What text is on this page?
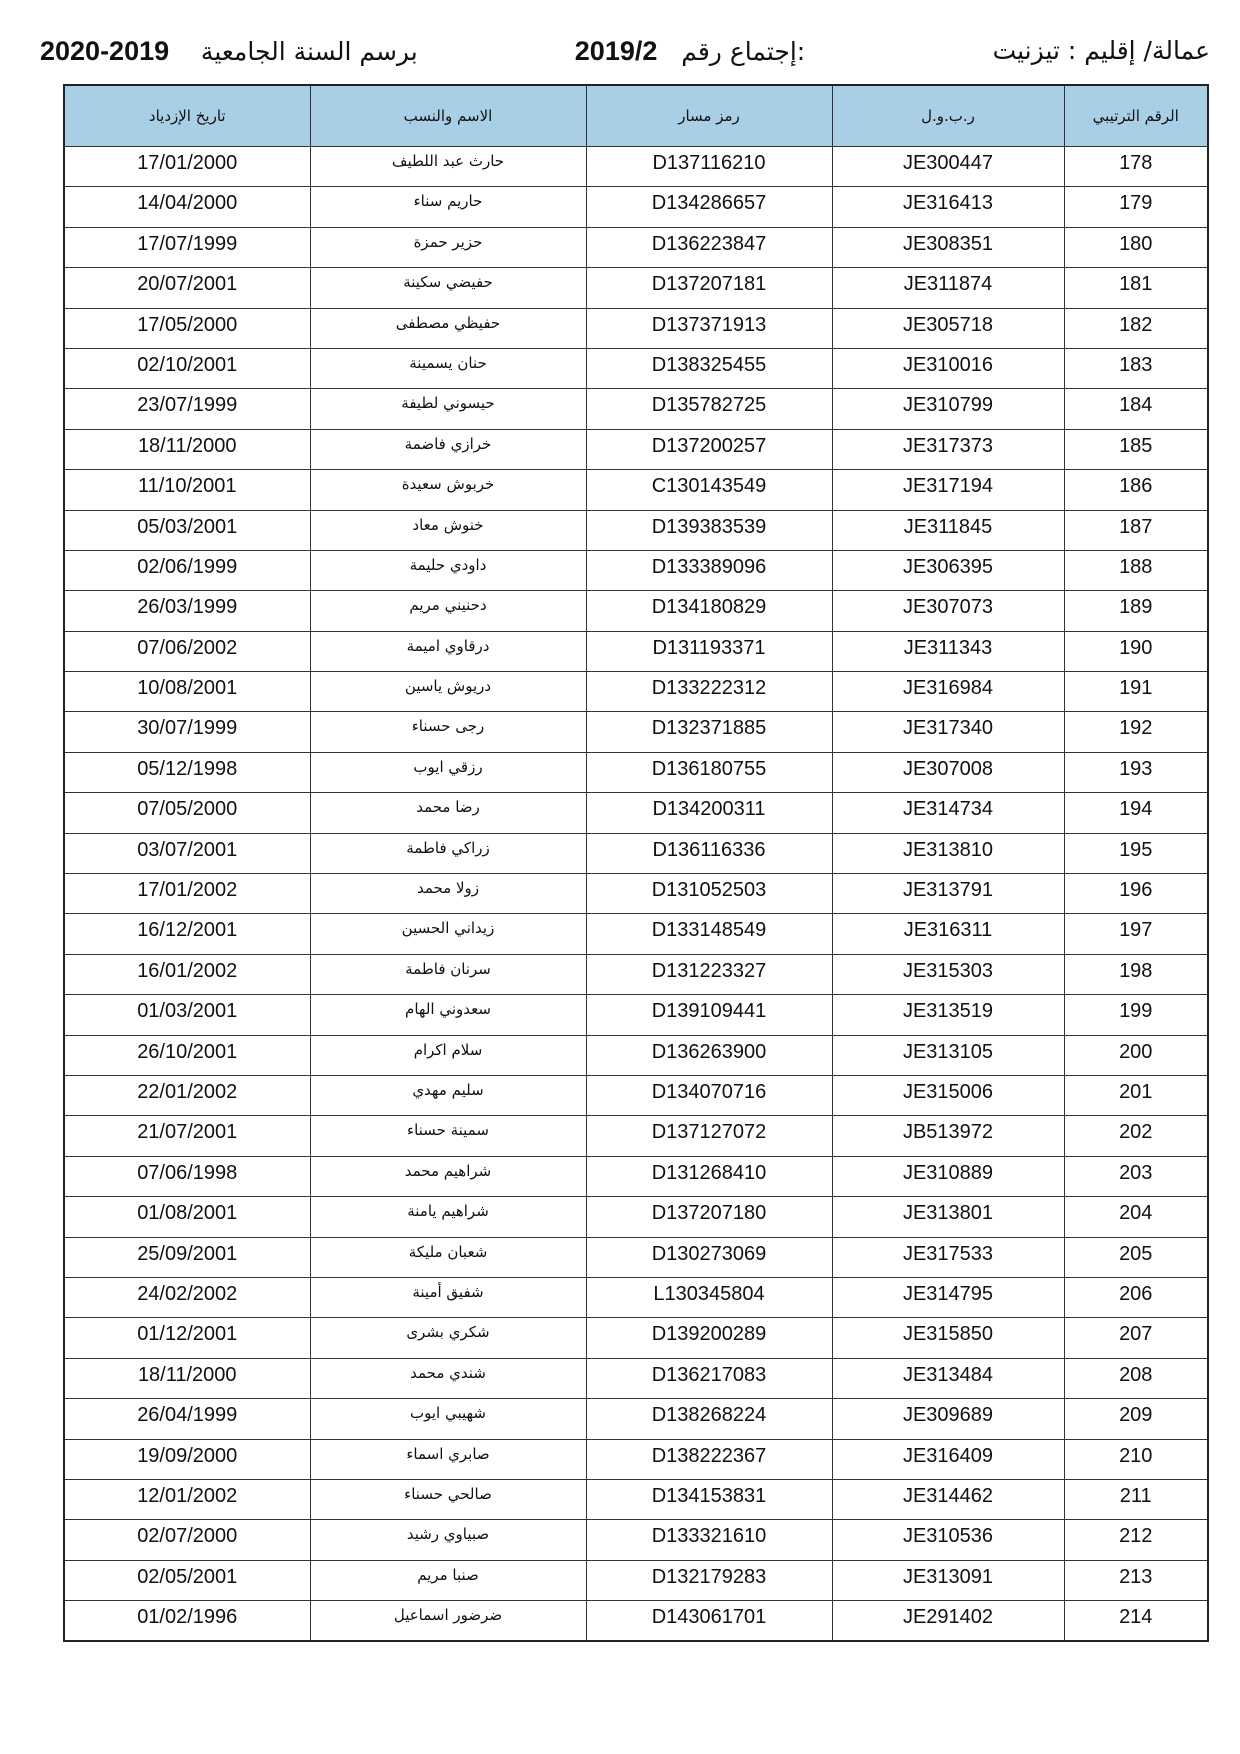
2020-2019 برسم السنة الجامعية	2019/2 إجتماع رقم:	عمالة/ إقليم : تيزنيت
تاريخ الإزدياد	الاسم والنسب	رمز مسار	ر.ب.و.ل	الرقم الترتيبي
17/01/2000	حارث عبد اللطيف	D137116210	JE300447	178
14/04/2000	حاريم سناء	D134286657	JE316413	179
17/07/1999	حزير حمزة	D136223847	JE308351	180
20/07/2001	حفيضي سكينة	D137207181	JE311874	181
17/05/2000	حفيظي مصطفى	D137371913	JE305718	182
02/10/2001	حنان يسمينة	D138325455	JE310016	183
23/07/1999	حيسوني لطيفة	D135782725	JE310799	184
18/11/2000	خرازي فاضمة	D137200257	JE317373	185
11/10/2001	خربوش سعيدة	C130143549	JE317194	186
05/03/2001	خنوش معاد	D139383539	JE311845	187
02/06/1999	داودي حليمة	D133389096	JE306395	188
26/03/1999	دحنيني مريم	D134180829	JE307073	189
07/06/2002	درقاوي اميمة	D131193371	JE311343	190
10/08/2001	دريوش ياسين	D133222312	JE316984	191
30/07/1999	رجى حسناء	D132371885	JE317340	192
05/12/1998	رزقي ايوب	D136180755	JE307008	193
07/05/2000	رضا محمد	D134200311	JE314734	194
03/07/2001	زراكي فاطمة	D136116336	JE313810	195
17/01/2002	زولا محمد	D131052503	JE313791	196
16/12/2001	زيداني الحسين	D133148549	JE316311	197
16/01/2002	سرنان فاطمة	D131223327	JE315303	198
01/03/2001	سعدوني الهام	D139109441	JE313519	199
26/10/2001	سلام اكرام	D136263900	JE313105	200
22/01/2002	سليم مهدي	D134070716	JE315006	201
21/07/2001	سمينة حسناء	D137127072	JB513972	202
07/06/1998	شراهيم محمد	D131268410	JE310889	203
01/08/2001	شراهيم يامنة	D137207180	JE313801	204
25/09/2001	شعبان مليكة	D130273069	JE317533	205
24/02/2002	شفيق أمينة	L130345804	JE314795	206
01/12/2001	شكري بشرى	D139200289	JE315850	207
18/11/2000	شندي محمد	D136217083	JE313484	208
26/04/1999	شهيبي ايوب	D138268224	JE309689	209
19/09/2000	صابري اسماء	D138222367	JE316409	210
12/01/2002	صالحي حسناء	D134153831	JE314462	211
02/07/2000	صبياوي رشيد	D133321610	JE310536	212
02/05/2001	صنبا مريم	D132179283	JE313091	213
01/02/1996	ضرضور اسماعيل	D143061701	JE291402	214
